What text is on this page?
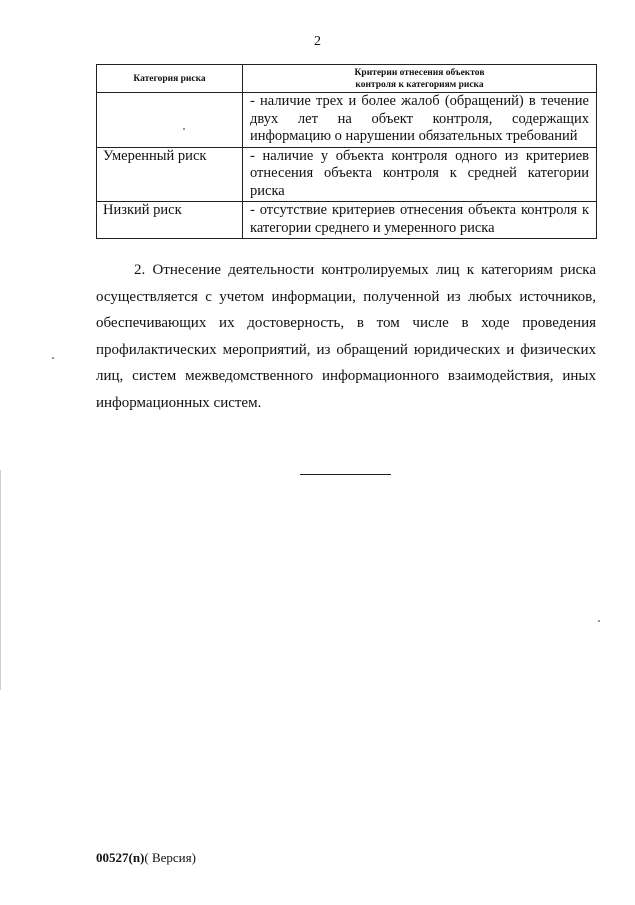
2
Категория риска	Критерии отнесения объектов
контроля к категориям риска

	- наличие трех и более жалоб (обращений) в течение двух лет на объект контроля, содержащих информацию о нарушении обязательных требований
Умеренный риск	- наличие у объекта контроля одного из критериев отнесения объекта контроля к средней категории риска
Низкий риск	- отсутствие критериев отнесения объекта контроля к категории среднего и умеренного риска

2. Отнесение деятельности контролируемых лиц к категориям риска осуществляется с учетом информации, полученной из любых источников, обеспечивающих их достоверность, в том числе в ходе проведения профилактических мероприятий, из обращений юридических и физических лиц, систем межведомственного информационного взаимодействия, иных информационных систем.

00527(n)( Версия)
